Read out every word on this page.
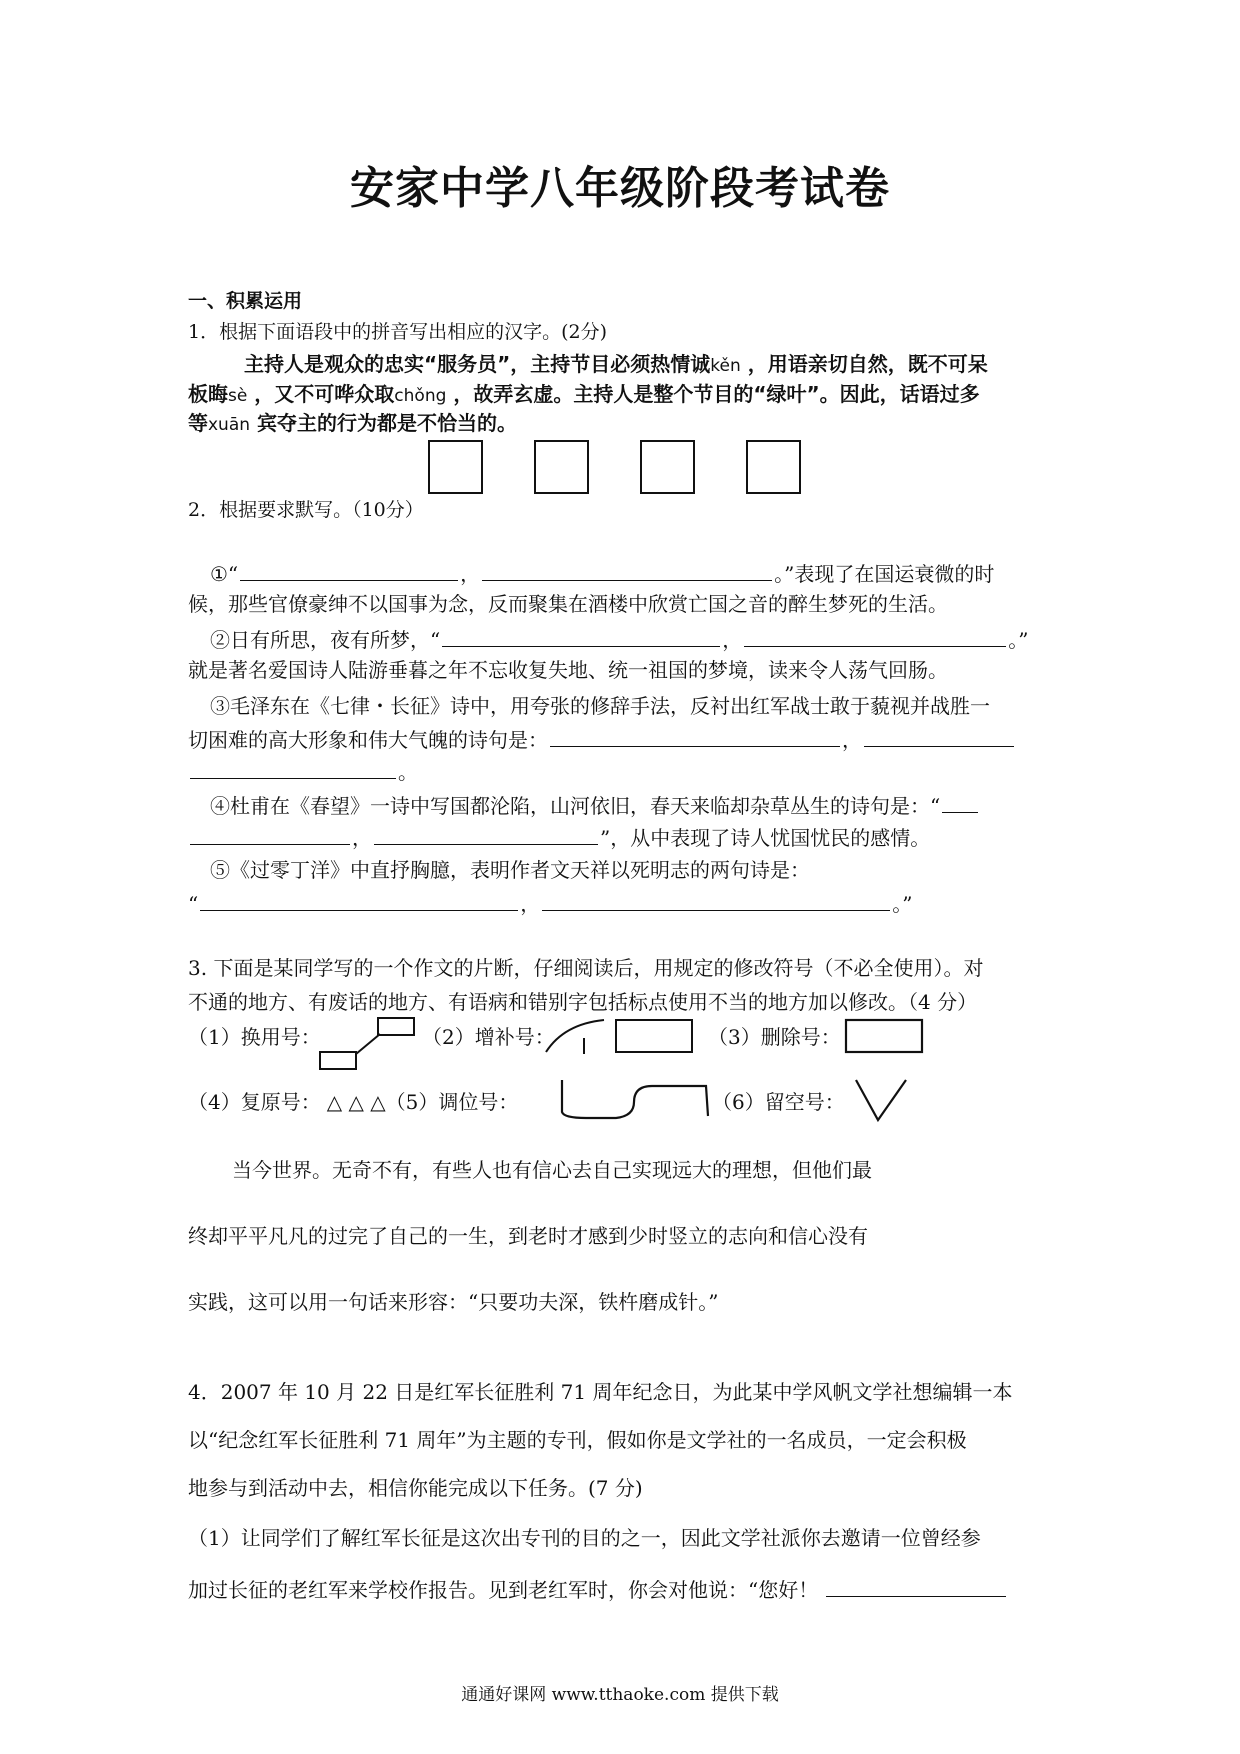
安家中学八年级阶段考试卷
一、积累运用
1．根据下面语段中的拼音写出相应的汉字。(2分)
主持人是观众的忠实“服务员”，主持节目必须热情诚kěn ，用语亲切自然，既不可呆
板晦sè ，又不可哗众取chǒng ，故弄玄虚。主持人是整个节目的“绿叶”。因此，话语过多
等xuān 宾夺主的行为都是不恰当的。
2．根据要求默写。（10分）
①“	，	。”表现了在国运衰微的时
候，那些官僚豪绅不以国事为念，反而聚集在酒楼中欣赏亡国之音的醉生梦死的生活。
②日有所思，夜有所梦，“	，	。”
就是著名爱国诗人陆游垂暮之年不忘收复失地、统一祖国的梦境，读来令人荡气回肠。
③毛泽东在《七律・长征》诗中，用夸张的修辞手法，反衬出红军战士敢于藐视并战胜一
切困难的高大形象和伟大气魄的诗句是：	，
。
④杜甫在《春望》一诗中写国都沦陷，山河依旧，春天来临却杂草丛生的诗句是：“
，	”，从中表现了诗人忧国忧民的感情。
⑤《过零丁洋》中直抒胸臆，表明作者文天祥以死明志的两句诗是：
“	，	。”
3. 下面是某同学写的一个作文的片断，仔细阅读后，用规定的修改符号（不必全使用）。对
不通的地方、有废话的地方、有语病和错别字包括标点使用不当的地方加以修改。（4 分）
（1）换用号：	（2）增补号：	（3）删除号：
（4）复原号： △ △ △（5）调位号：	（6）留空号：
当今世界。无奇不有，有些人也有信心去自己实现远大的理想，但他们最
终却平平凡凡的过完了自己的一生，到老时才感到少时竖立的志向和信心没有
实践，这可以用一句话来形容：“只要功夫深，铁杵磨成针。”
4．2007 年 10 月 22 日是红军长征胜利 71 周年纪念日，为此某中学风帆文学社想编辑一本
以“纪念红军长征胜利 71 周年”为主题的专刊，假如你是文学社的一名成员，一定会积极
地参与到活动中去，相信你能完成以下任务。(7 分)
（1）让同学们了解红军长征是这次出专刊的目的之一，因此文学社派你去邀请一位曾经参
加过长征的老红军来学校作报告。见到老红军时，你会对他说：“您好！
通通好课网 www.tthaoke.com 提供下载
